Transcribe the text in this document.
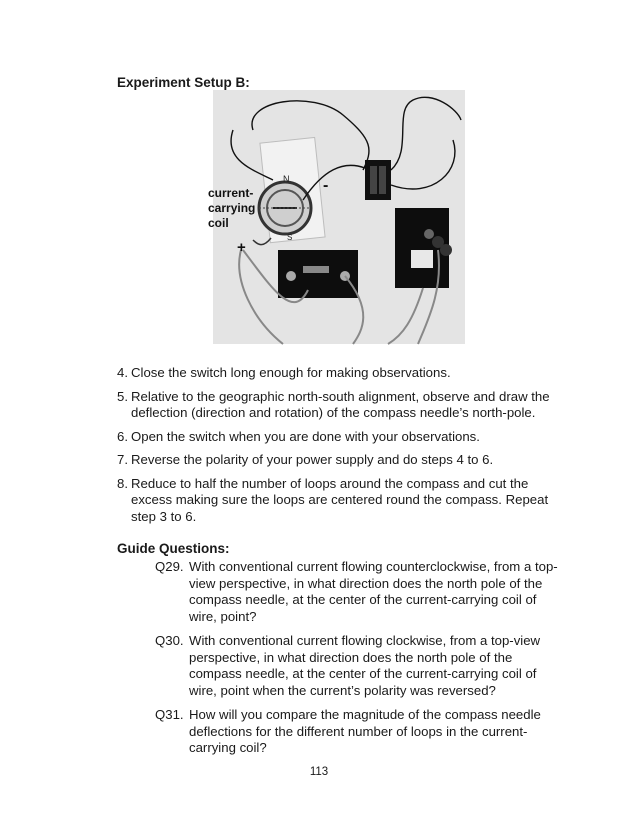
Experiment Setup B:
current-
carrying
coil
+
-
N
S
4. Close the switch long enough for making observations.
5. Relative to the geographic north-south alignment, observe and draw the deflection (direction and rotation) of the compass needle’s north-pole.
6. Open the switch when you are done with your observations.
7. Reverse the polarity of your power supply and do steps 4 to 6.
8. Reduce to half the number of loops around the compass and cut the excess making sure the loops are centered round the compass. Repeat step 3 to 6.
Guide Questions:
Q29. With conventional current flowing counterclockwise, from a top-view perspective, in what direction does the north pole of the compass needle, at the center of the current-carrying coil of wire, point?
Q30. With conventional current flowing clockwise, from a top-view perspective, in what direction does the north pole of the compass needle, at the center of the current-carrying coil of wire, point when the current’s polarity was reversed?
Q31. How will you compare the magnitude of the compass needle deflections for the different number of loops in the current-carrying coil?
113
